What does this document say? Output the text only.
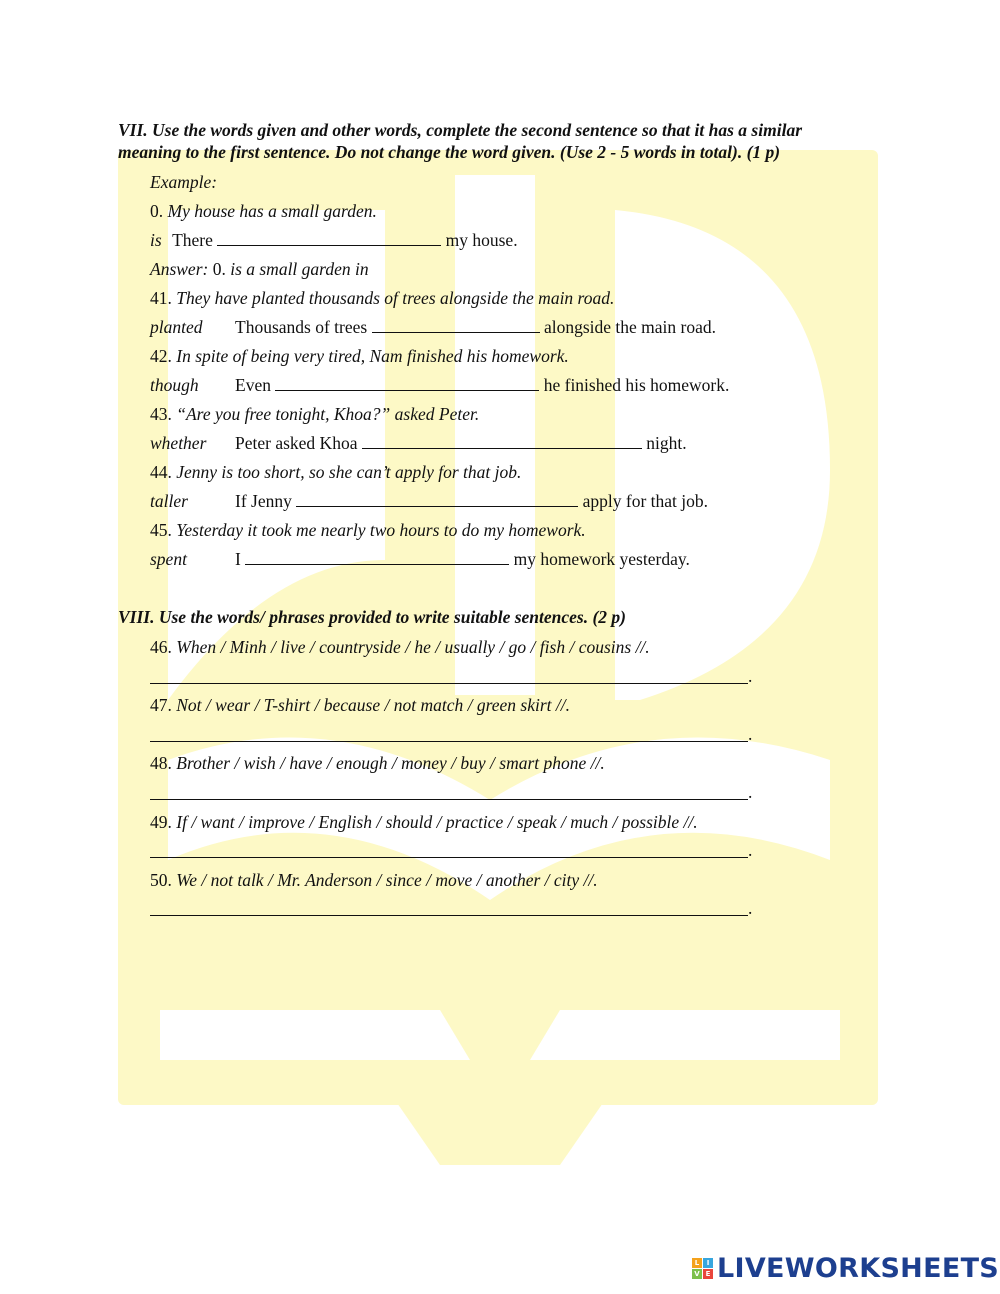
VII. Use the words given and other words, complete the second sentence so that it has a similar
meaning to the first sentence. Do not change the word given. (Use 2 - 5 words in total). (1 p)
Example:
0. My house has a small garden.
is There	my house.
Answer: 0. is a small garden in
41. They have planted thousands of trees alongside the main road.
planted Thousands of trees	alongside the main road.
42. In spite of being very tired, Nam finished his homework.
though Even	he finished his homework.
43. “Are you free tonight, Khoa?” asked Peter.
whether Peter asked Khoa	night.
44. Jenny is too short, so she can’t apply for that job.
taller	If Jenny	apply for that job.
45. Yesterday it took me nearly two hours to do my homework.
spent	I	my homework yesterday.
VIII. Use the words/ phrases provided to write suitable sentences. (2 p)
46. When / Minh / live / countryside / he / usually / go / fish / cousins //.
.
47. Not / wear / T-shirt / because / not match / green skirt //.
.
48. Brother / wish / have / enough / money / buy / smart phone //.
.
49. If / want / improve / English / should / practice / speak / much / possible //.
.
50. We / not talk / Mr. Anderson / since / move / another / city //.
.
L	I
V E LIVEWORKSHEETS
